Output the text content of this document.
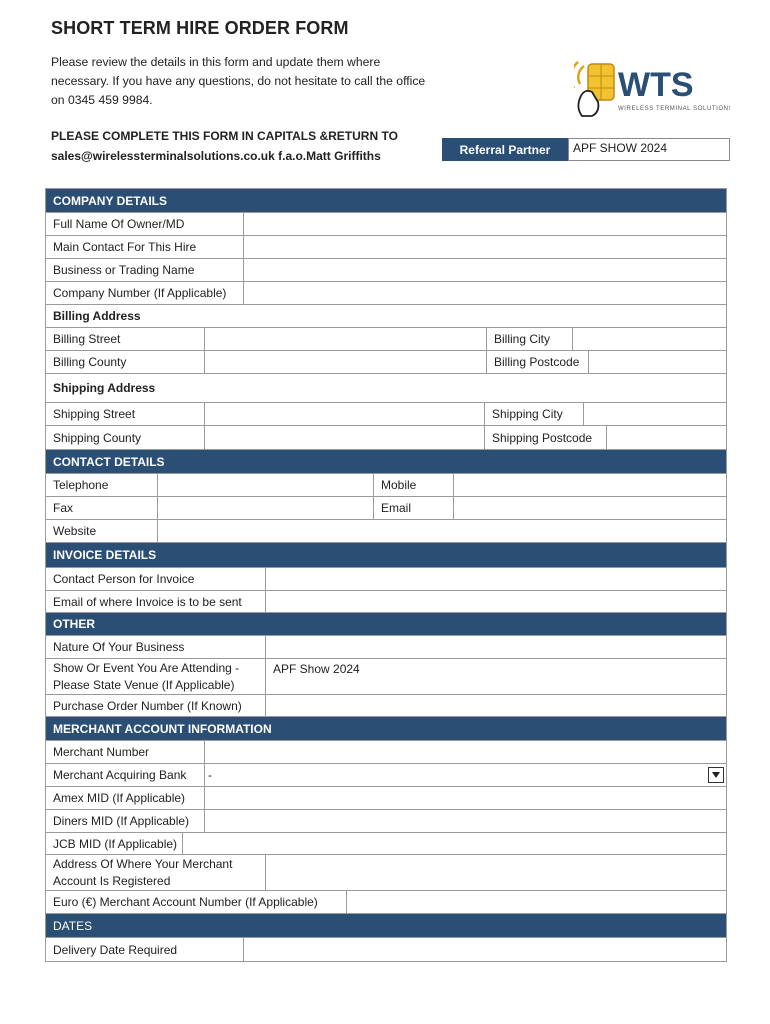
SHORT TERM HIRE ORDER FORM
Please review the details in this form and update them where necessary. If you have any questions, do not hesitate to call the office on 0345 459 9984.
PLEASE COMPLETE THIS FORM IN CAPITALS &RETURN TO
sales@wirelessterminalsolutions.co.uk f.a.o.Matt Griffiths
WTS
WIRELESS TERMINAL SOLUTIONS
Referral Partner	APF SHOW 2024
COMPANY DETAILS
Full Name Of Owner/MD
Main Contact For This Hire
Business or Trading Name
Company Number (If Applicable)
Billing Address
Billing Street	Billing City
Billing County	Billing Postcode
Shipping Address
Shipping Street	Shipping City
Shipping County	Shipping Postcode
CONTACT DETAILS
Telephone	Mobile
Fax	Email
Website
INVOICE DETAILS
Contact Person for Invoice
Email of where Invoice is to be sent
OTHER
Nature Of Your Business
Show Or Event You Are Attending -
Please State Venue (If Applicable)
APF Show 2024
Purchase Order Number (If Known)
MERCHANT ACCOUNT INFORMATION
Merchant Number
Merchant Acquiring Bank	-
Amex MID (If Applicable)
Diners MID (If Applicable)
JCB MID (If Applicable)
Address Of Where Your Merchant
Account Is Registered
Euro (€) Merchant Account Number (If Applicable)
DATES
Delivery Date Required
